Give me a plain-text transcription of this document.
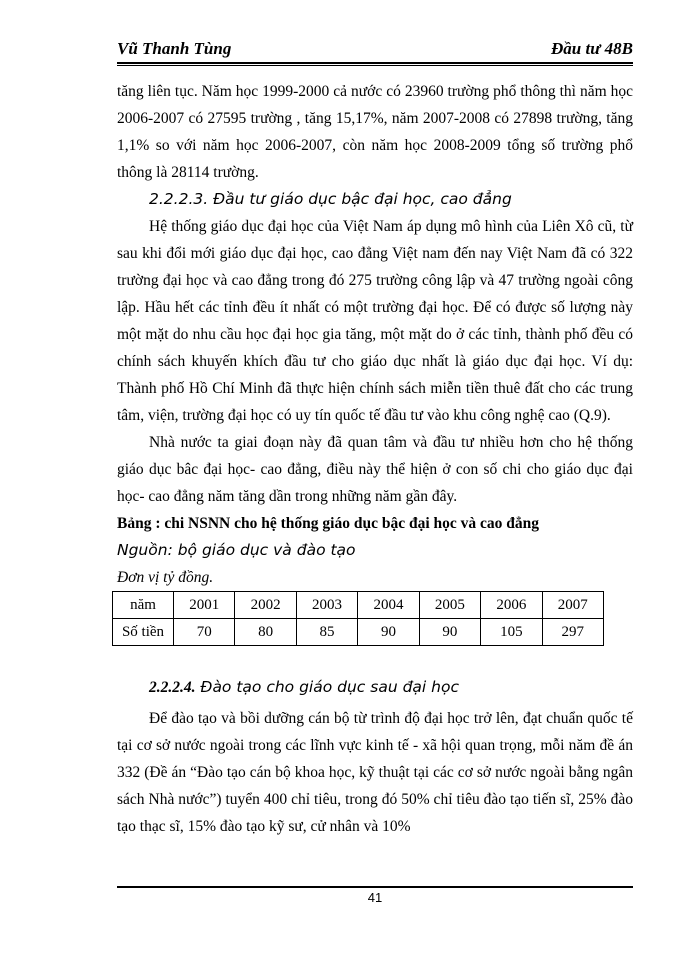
Vũ Thanh Tùng	Đầu tư 48B

tăng liên tục. Năm học 1999-2000 cả nước có 23960 trường phổ thông thì năm học 2006-2007 có 27595 trường , tăng 15,17%, năm 2007-2008 có 27898 trường, tăng 1,1% so với năm học 2006-2007, còn năm học 2008-2009 tổng số trường phổ thông là 28114 trường.

2.2.2.3. Đầu tư giáo dục bậc đại học, cao đẳng

Hệ thống giáo dục đại học của Việt Nam áp dụng mô hình của Liên Xô cũ, từ sau khi đổi mới giáo dục đại học, cao đẳng Việt nam đến nay Việt Nam đã có 322 trường đại học và cao đẳng trong đó 275 trường công lập và 47 trường ngoài công lập. Hầu hết các tỉnh đều ít nhất có một trường đại học. Để có được số lượng này một mặt do nhu cầu học đại học gia tăng, một mặt do ở các tỉnh, thành phố đều có chính sách khuyến khích đầu tư cho giáo dục nhất là giáo dục đại học. Ví dụ: Thành phố Hồ Chí Minh đã thực hiện chính sách miễn tiền thuê đất cho các trung tâm, viện, trường đại học có uy tín quốc tế đầu tư vào khu công nghệ cao (Q.9).

Nhà nước ta giai đoạn này đã quan tâm và đầu tư nhiều hơn cho hệ thống giáo dục bâc đại học- cao đẳng, điều này thể hiện ở con số chi cho giáo dục đại học- cao đẳng năm tăng dần trong những năm gần đây.

Bảng : chi NSNN cho hệ thống giáo dục bậc đại học và cao đẳng

Nguồn: bộ giáo dục và đào tạo

Đơn vị tỷ đồng.

năm	2001	2002	2003	2004	2005	2006	2007
Số tiền	70	80	85	90	90	105	297

2.2.2.4. Đào tạo cho giáo dục sau đại học

Để đào tạo và bồi dưỡng cán bộ từ trình độ đại học trở lên, đạt chuẩn quốc tế tại cơ sở nước ngoài trong các lĩnh vực kinh tế - xã hội quan trọng, mỗi năm đề án 332 (Đề án “Đào tạo cán bộ khoa học, kỹ thuật tại các cơ sở nước ngoài bằng ngân sách Nhà nước”) tuyển 400 chỉ tiêu, trong đó 50% chỉ tiêu đào tạo tiến sĩ, 25% đào tạo thạc sĩ, 15% đào tạo kỹ sư, cử nhân và 10%

41
